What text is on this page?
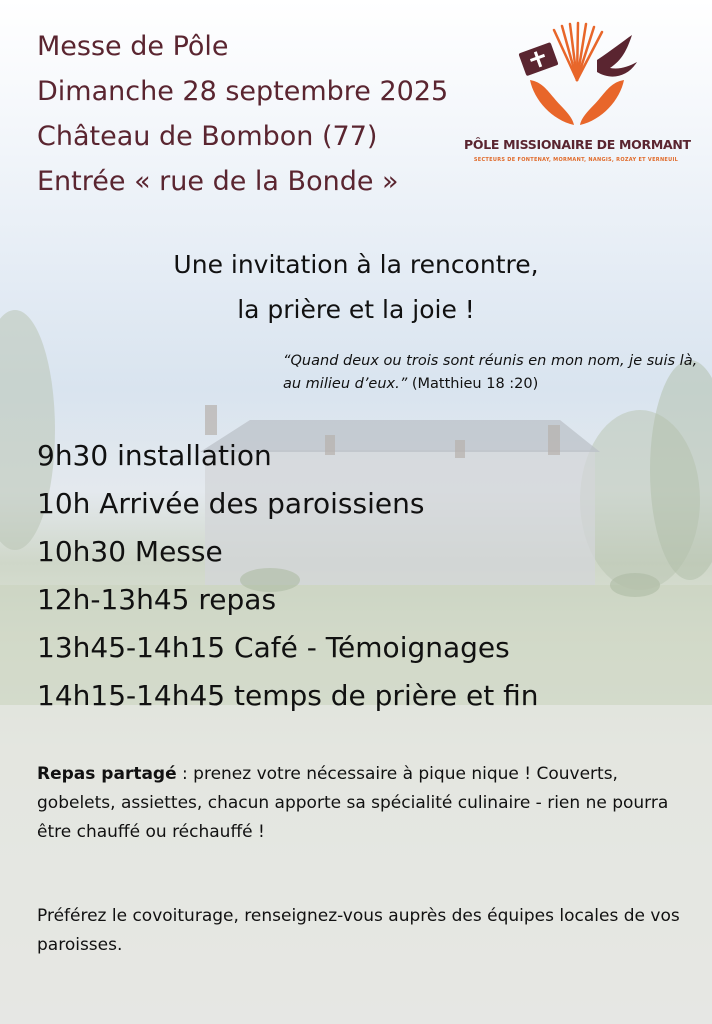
Messe de Pôle
Dimanche 28 septembre 2025
Château de Bombon (77)
Entrée « rue de la Bonde »
PÔLE MISSIONAIRE DE MORMANT
SECTEURS DE FONTENAY, MORMANT, NANGIS, ROZAY ET VERNEUIL
Une invitation à la rencontre,
la prière et la joie !
“Quand deux ou trois sont réunis en mon nom, je suis là, au milieu d’eux.” (Matthieu 18 :20)
9h30 installation
10h Arrivée des paroissiens
10h30 Messe
12h-13h45 repas
13h45-14h15 Café - Témoignages
14h15-14h45 temps de prière et fin
Repas partagé : prenez votre nécessaire à pique nique ! Couverts, gobelets, assiettes, chacun apporte sa spécialité culinaire - rien ne pourra être chauffé ou réchauffé !
Préférez le covoiturage, renseignez-vous auprès des équipes locales de vos paroisses.
